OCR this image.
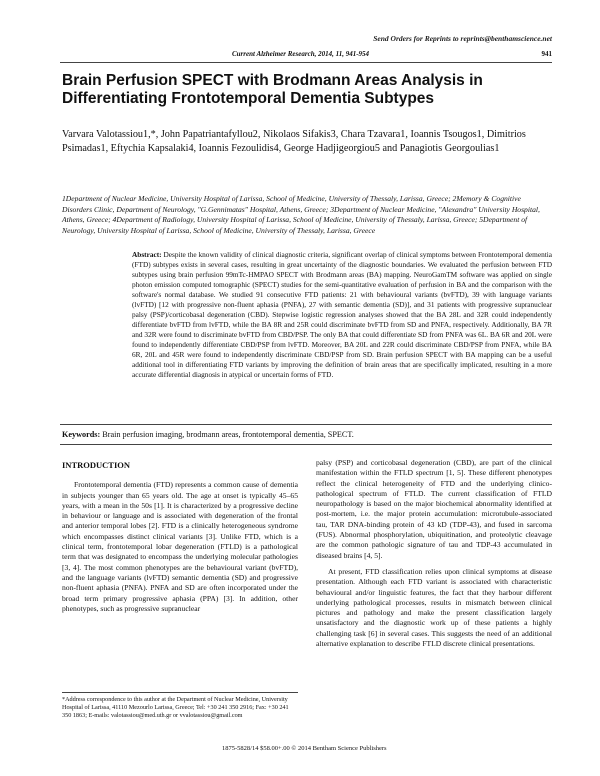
Send Orders for Reprints to reprints@benthamscience.net
Current Alzheimer Research, 2014, 11, 941-954	941
Brain Perfusion SPECT with Brodmann Areas Analysis in Differentiating Frontotemporal Dementia Subtypes
Varvara Valotassiou1,*, John Papatriantafyllou2, Nikolaos Sifakis3, Chara Tzavara1, Ioannis Tsougos1, Dimitrios Psimadas1, Eftychia Kapsalaki4, Ioannis Fezoulidis4, George Hadjigeorgiou5 and Panagiotis Georgoulias1
1Department of Nuclear Medicine, University Hospital of Larissa, School of Medicine, University of Thessaly, Larissa, Greece; 2Memory & Cognitive Disorders Clinic, Department of Neurology, "G.Gennimatas" Hospital, Athens, Greece; 3Department of Nuclear Medicine, "Alexandra" University Hospital, Athens, Greece; 4Department of Radiology, University Hospital of Larissa, School of Medicine, University of Thessaly, Larissa, Greece; 5Department of Neurology, University Hospital of Larissa, School of Medicine, University of Thessaly, Larissa, Greece
Abstract: Despite the known validity of clinical diagnostic criteria, significant overlap of clinical symptoms between Frontotemporal dementia (FTD) subtypes exists in several cases, resulting in great uncertainty of the diagnostic boundaries. We evaluated the perfusion between FTD subtypes using brain perfusion 99mTc-HMPAO SPECT with Brodmann areas (BA) mapping. NeuroGamTM software was applied on single photon emission computed tomographic (SPECT) studies for the semi-quantitative evaluation of perfusion in BA and the comparison with the software's normal database. We studied 91 consecutive FTD patients: 21 with behavioural variants (bvFTD), 39 with language variants (lvFTD) [12 with progressive non-fluent aphasia (PNFA), 27 with semantic dementia (SD)], and 31 patients with progressive supranuclear palsy (PSP)/corticobasal degeneration (CBD). Stepwise logistic regression analyses showed that the BA 28L and 32R could independently differentiate bvFTD from lvFTD, while the BA 8R and 25R could discriminate bvFTD from SD and PNFA, respectively. Additionally, BA 7R and 32R were found to discriminate bvFTD from CBD/PSP. The only BA that could differentiate SD from PNFA was 6L. BA 6R and 20L were found to independently differentiate CBD/PSP from lvFTD. Moreover, BA 20L and 22R could discriminate CBD/PSP from PNFA, while BA 6R, 20L and 45R were found to independently discriminate CBD/PSP from SD. Brain perfusion SPECT with BA mapping can be a useful additional tool in differentiating FTD variants by improving the definition of brain areas that are specifically implicated, resulting in a more accurate differential diagnosis in atypical or uncertain forms of FTD.
Keywords: Brain perfusion imaging, brodmann areas, frontotemporal dementia, SPECT.
INTRODUCTION

Frontotemporal dementia (FTD) represents a common cause of dementia in subjects younger than 65 years old. The age at onset is typically 45–65 years, with a mean in the 50s [1]. It is characterized by a progressive decline in behaviour or language and is associated with degeneration of the frontal and anterior temporal lobes [2]. FTD is a clinically heterogeneous syndrome which encompasses distinct clinical variants [3]. Unlike FTD, which is a clinical term, frontotemporal lobar degeneration (FTLD) is a pathological term that was designated to encompass the underlying molecular pathologies [3, 4]. The most common phenotypes are the behavioural variant (bvFTD), and the language variants (lvFTD) semantic dementia (SD) and progressive non-fluent aphasia (PNFA). PNFA and SD are often incorporated under the broad term primary progressive aphasia (PPA) [3]. In addition, other phenotypes, such as progressive supranuclear

palsy (PSP) and corticobasal degeneration (CBD), are part of the clinical manifestation within the FTLD spectrum [1, 5]. These different phenotypes reflect the clinical heterogeneity of FTD and the underlying clinico-pathological spectrum of FTLD. The current classification of FTLD neuropathology is based on the major biochemical abnormality identified at post-mortem, i.e. the major protein accumulation: microtubule-associated tau, TAR DNA-binding protein of 43 kD (TDP-43), and fused in sarcoma (FUS). Abnormal phosphorylation, ubiquitination, and proteolytic cleavage are the common pathologic signature of tau and TDP-43 accumulated in diseased brains [4, 5].

At present, FTD classification relies upon clinical symptoms at disease presentation. Although each FTD variant is associated with characteristic behavioural and/or linguistic features, the fact that they harbour different underlying pathological processes, results in mismatch between clinical pictures and pathology and make the present classification largely unsatisfactory and the diagnostic work up of these patients a highly challenging task [6] in several cases. This suggests the need of an additional alternative explanation to describe FTLD discrete clinical presentations.

*Address correspondence to this author at the Department of Nuclear Medicine, University Hospital of Larissa, 41110 Mezourlo Larissa, Greece; Tel: +30 241 350 2916; Fax: +30 241 350 1863; E-mails: valotassiou@med.uth.gr or vvalotassiou@gmail.com
1875-5828/14 $58.00+.00 © 2014 Bentham Science Publishers
